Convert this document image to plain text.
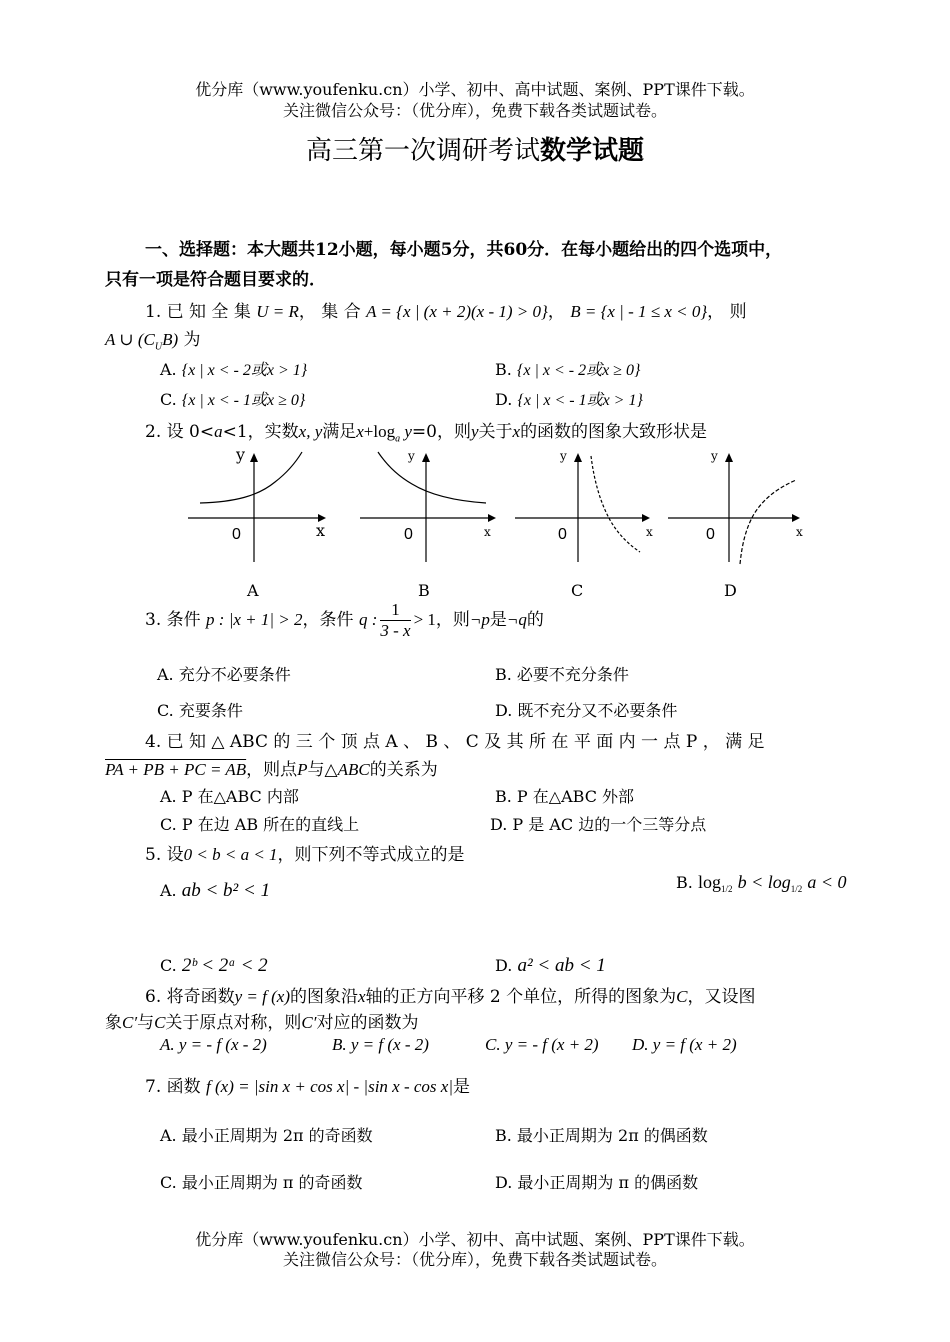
优分库（www.youfenku.cn）小学、初中、高中试题、案例、PPT课件下载。
关注微信公众号：（优分库），免费下载各类试题试卷。
高三第一次调研考试数学试题
一、选择题：本大题共12小题，每小题5分，共60分．在每小题给出的四个选项中，
只有一项是符合题目要求的．
1. 已 知 全 集 U = R， 集 合 A = {x | (x + 2)(x - 1) > 0}， B = {x | - 1 ≤ x < 0}， 则
A ∪ $(C_UB)$ 为
A. {x | x < - 2或x > 1}	B. {x | x < - 2或x ≥ 0}
C. {x | x < - 1或x ≥ 0}	D. {x | x < - 1或x > 1}
2. 设 0<a<1，实数x, y满足$x+\log_a$ y=0，则y关于x的函数的图象大致形状是
y
x
0
A
y
x
0
B
y
x
0
C
y
x
0
D
3. 条件 p : |x + 1| > 2，条件 q : $\frac{1}{3 - x} > 1$，则¬p是¬q的
A. 充分不必要条件	B. 必要不充分条件
C. 充要条件	D. 既不充分又不必要条件
4. 已 知 △ ABC 的 三 个 顶 点 A 、 B 、 C 及 其 所 在 平 面 内 一 点 P ， 满 足
PA + PB + PC = AB，则点P与△ABC的关系为
A. P 在△ABC 内部	B. P 在△ABC 外部
C. P 在边 AB 所在的直线上	D. P 是 AC 边的一个三等分点
5. 设0 < b < a < 1，则下列不等式成立的是
A. ab < b² < 1	B. $\log_{1/2} b < \log_{1/2} a < 0$
C. 2ᵇ < 2ᵃ < 2	D. a² < ab < 1
6. 将奇函数y = f (x)的图象沿x轴的正方向平移 2 个单位，所得的图象为C，又设图
象C′与C关于原点对称，则C′对应的函数为
A. y = - f (x - 2)	B. y = f (x - 2)	C. y = - f (x + 2) D. y = f (x + 2)
7. 函数 f (x) = |sin x + cos x| - |sin x - cos x|是
A. 最小正周期为 2π 的奇函数	B. 最小正周期为 2π 的偶函数
C. 最小正周期为 π 的奇函数	D. 最小正周期为 π 的偶函数
优分库（www.youfenku.cn）小学、初中、高中试题、案例、PPT课件下载。
关注微信公众号：（优分库），免费下载各类试题试卷。
